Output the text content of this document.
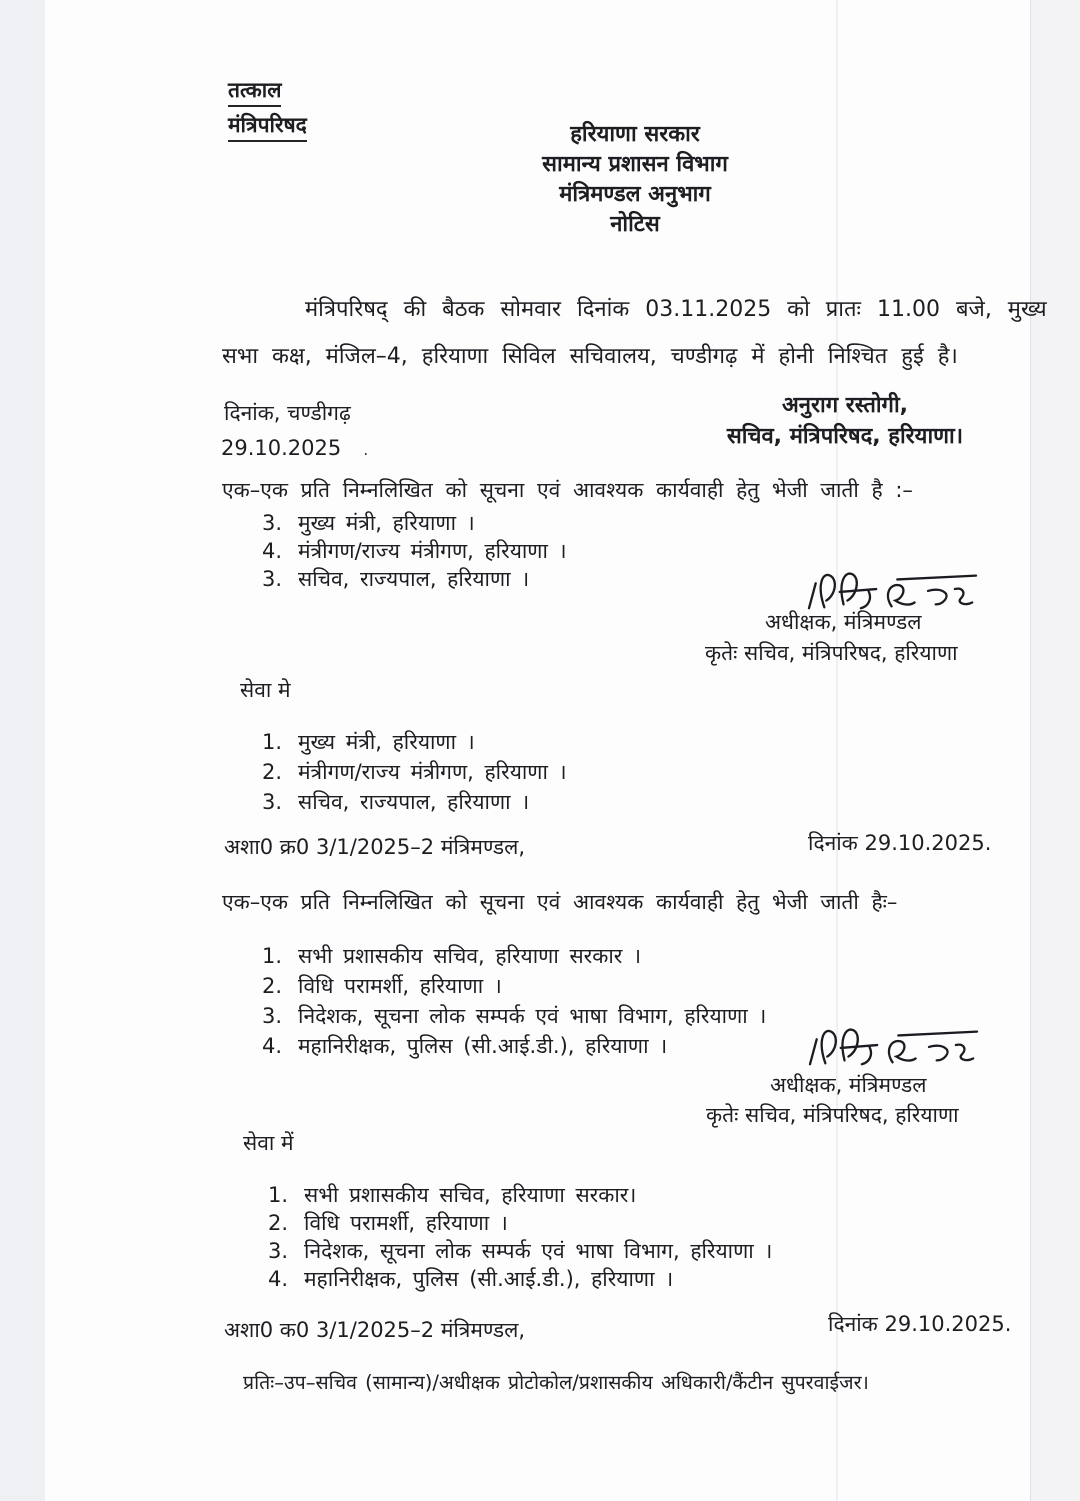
तत्काल
मंत्रिपरिषद	हरियाणा सरकार
सामान्य प्रशासन विभाग
मंत्रिमण्डल अनुभाग
नोटिस
मंत्रिपरिषद् की बैठक सोमवार दिनांक 03.11.2025 को प्रातः 11.00 बजे, मुख्य
सभा कक्ष, मंजिल–4, हरियाणा सिविल सचिवालय, चण्डीगढ़ में होनी निश्चित हुई है।
दिनांक, चण्डीगढ़
29.10.2025 .
अनुराग रस्तोगी,
सचिव, मंत्रिपरिषद, हरियाणा।
एक–एक प्रति निम्नलिखित को सूचना एवं आवश्यक कार्यवाही हेतु भेजी जाती है :–
3. मुख्य मंत्री, हरियाणा ।
4. मंत्रीगण/राज्य मंत्रीगण, हरियाणा ।
3. सचिव, राज्यपाल, हरियाणा ।
अधीक्षक, मंत्रिमण्डल
कृतेः सचिव, मंत्रिपरिषद, हरियाणा
सेवा मे
1. मुख्य मंत्री, हरियाणा ।
2. मंत्रीगण/राज्य मंत्रीगण, हरियाणा ।
3. सचिव, राज्यपाल, हरियाणा ।
अशा0 क्र0 3/1/2025–2 मंत्रिमण्डल,	दिनांक 29.10.2025.
एक–एक प्रति निम्नलिखित को सूचना एवं आवश्यक कार्यवाही हेतु भेजी जाती हैः–
1. सभी प्रशासकीय सचिव, हरियाणा सरकार ।
2. विधि परामर्शी, हरियाणा ।
3. निदेशक, सूचना लोक सम्पर्क एवं भाषा विभाग, हरियाणा ।
4. महानिरीक्षक, पुलिस (सी.आई.डी.), हरियाणा ।
अधीक्षक, मंत्रिमण्डल
कृतेः सचिव, मंत्रिपरिषद, हरियाणा
सेवा में
1. सभी प्रशासकीय सचिव, हरियाणा सरकार।
2. विधि परामर्शी, हरियाणा ।
3. निदेशक, सूचना लोक सम्पर्क एवं भाषा विभाग, हरियाणा ।
4. महानिरीक्षक, पुलिस (सी.आई.डी.), हरियाणा ।
अशा0 क0 3/1/2025–2 मंत्रिमण्डल,	दिनांक 29.10.2025.
प्रतिः–उप–सचिव (सामान्य)/अधीक्षक प्रोटोकोल/प्रशासकीय अधिकारी/कैंटीन सुपरवाईजर।
